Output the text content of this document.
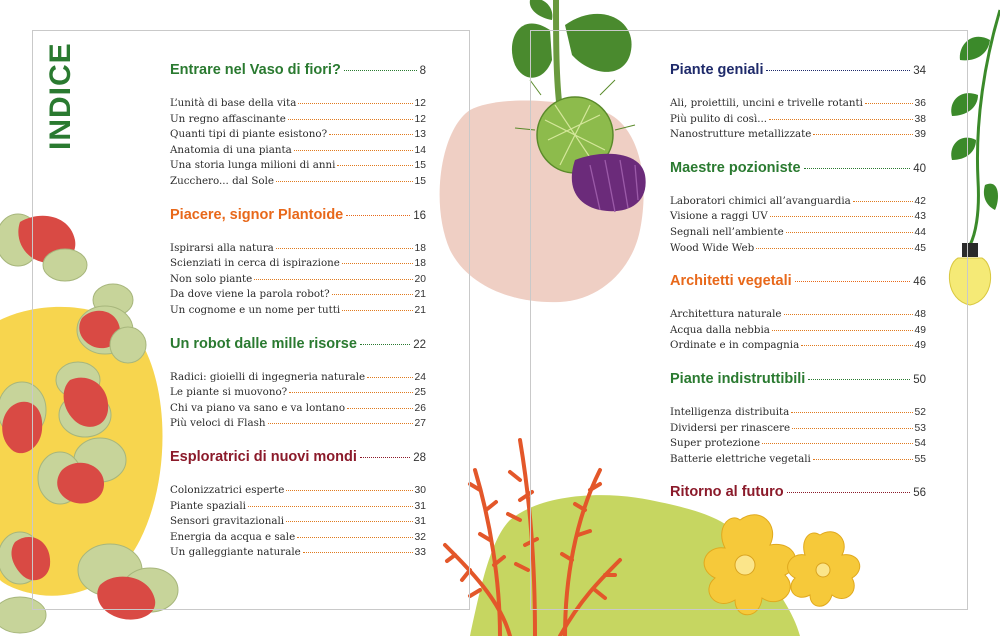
INDICE	Entrare nel Vaso di fiori?	8
L’unità di base della vita	12
Un regno affascinante	12
Quanti tipi di piante esistono?	13
Anatomia di una pianta	14
Una storia lunga milioni di anni	15
Zucchero... dal Sole	15
Piacere, signor Plantoide	16
Ispirarsi alla natura	18
Scienziati in cerca di ispirazione	18
Non solo piante	20
Da dove viene la parola robot?	21
Un cognome e un nome per tutti	21
Un robot dalle mille risorse	22
Radici: gioielli di ingegneria naturale	24
Le piante si muovono?	25
Chi va piano va sano e va lontano	26
Più veloci di Flash	27
Esploratrici di nuovi mondi	28
Colonizzatrici esperte	30
Piante spaziali	31
Sensori gravitazionali	31
Energia da acqua e sale	32
Un galleggiante naturale	33
Piante geniali	34
Ali, proiettili, uncini e trivelle rotanti	36
Più pulito di così...	38
Nanostrutture metallizzate	39
Maestre pozioniste	40
Laboratori chimici all’avanguardia	42
Visione a raggi UV	43
Segnali nell’ambiente	44
Wood Wide Web	45
Architetti vegetali	46
Architettura naturale	48
Acqua dalla nebbia	49
Ordinate e in compagnia	49
Piante indistruttibili	50
Intelligenza distribuita	52
Dividersi per rinascere	53
Super protezione	54
Batterie elettriche vegetali	55
Ritorno al futuro	56
